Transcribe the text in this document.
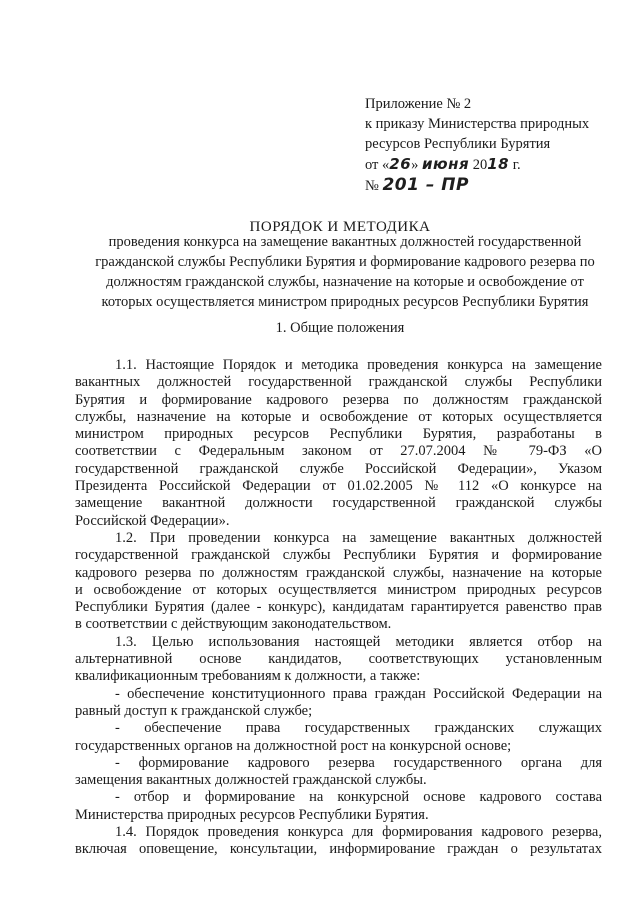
Приложение № 2
к приказу Министерства природных
ресурсов Республики Бурятия
от «26» июня 2018 г.
№ 201 – ПР
ПОРЯДОК И МЕТОДИКА
проведения конкурса на замещение вакантных должностей государственной
гражданской службы Республики Бурятия и формирование кадрового резерва по
должностям гражданской службы, назначение на которые и освобождение от
которых осуществляется министром природных ресурсов Республики Бурятия
1. Общие положения
1.1. Настоящие Порядок и методика проведения конкурса на замещение
вакантных должностей государственной гражданской службы Республики
Бурятия и формирование кадрового резерва по должностям гражданской
службы, назначение на которые и освобождение от которых осуществляется
министром природных ресурсов Республики Бурятия, разработаны в
соответствии с Федеральным законом от 27.07.2004 № 79-ФЗ «О
государственной гражданской службе Российской Федерации», Указом
Президента Российской Федерации от 01.02.2005 № 112 «О конкурсе на
замещение вакантной должности государственной гражданской службы
Российской Федерации».
1.2. При проведении конкурса на замещение вакантных должностей
государственной гражданской службы Республики Бурятия и формирование
кадрового резерва по должностям гражданской службы, назначение на которые
и освобождение от которых осуществляется министром природных ресурсов
Республики Бурятия (далее - конкурс), кандидатам гарантируется равенство прав
в соответствии с действующим законодательством.
1.3. Целью использования настоящей методики является отбор на
альтернативной основе кандидатов, соответствующих установленным
квалификационным требованиям к должности, а также:
- обеспечение конституционного права граждан Российской Федерации на
равный доступ к гражданской службе;
- обеспечение права государственных гражданских служащих
государственных органов на должностной рост на конкурсной основе;
- формирование кадрового резерва государственного органа для
замещения вакантных должностей гражданской службы.
- отбор и формирование на конкурсной основе кадрового состава
Министерства природных ресурсов Республики Бурятия.
1.4. Порядок проведения конкурса для формирования кадрового резерва,
включая оповещение, консультации, информирование граждан о результатах
